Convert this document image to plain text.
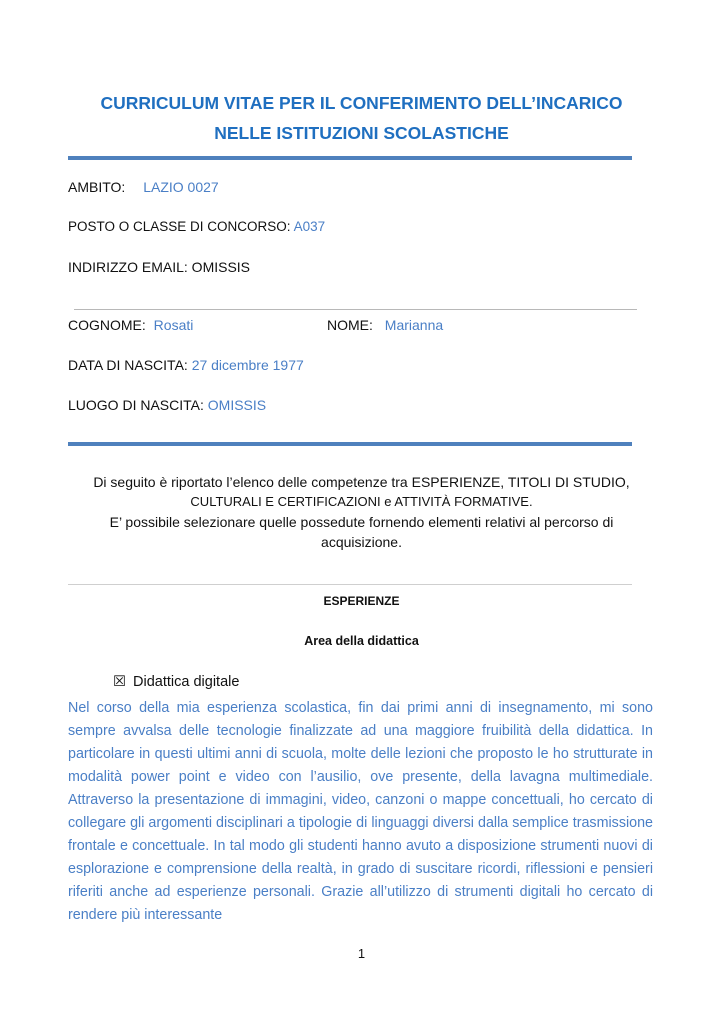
CURRICULUM VITAE PER IL CONFERIMENTO DELL’INCARICO
NELLE ISTITUZIONI SCOLASTICHE
AMBITO: LAZIO 0027
POSTO O CLASSE DI CONCORSO: A037
INDIRIZZO EMAIL: OMISSIS
COGNOME: Rosati	NOME: Marianna
DATA DI NASCITA: 27 dicembre 1977
LUOGO DI NASCITA: OMISSIS
Di seguito è riportato l’elenco delle competenze tra ESPERIENZE, TITOLI DI STUDIO,
CULTURALI E CERTIFICAZIONI e ATTIVITÀ FORMATIVE.
E’ possibile selezionare quelle possedute fornendo elementi relativi al percorso di
acquisizione.
ESPERIENZE
Area della didattica
☒ Didattica digitale
Nel corso della mia esperienza scolastica, fin dai primi anni di insegnamento, mi sono sempre avvalsa delle tecnologie finalizzate ad una maggiore fruibilità della didattica. In particolare in questi ultimi anni di scuola, molte delle lezioni che proposto le ho strutturate in modalità power point e video con l’ausilio, ove presente, della lavagna multimediale. Attraverso la presentazione di immagini, video, canzoni o mappe concettuali, ho cercato di collegare gli argomenti disciplinari a tipologie di linguaggi diversi dalla semplice trasmissione frontale e concettuale. In tal modo gli studenti hanno avuto a disposizione strumenti nuovi di esplorazione e comprensione della realtà, in grado di suscitare ricordi, riflessioni e pensieri riferiti anche ad esperienze personali. Grazie all’utilizzo di strumenti digitali ho cercato di rendere più interessante
1
